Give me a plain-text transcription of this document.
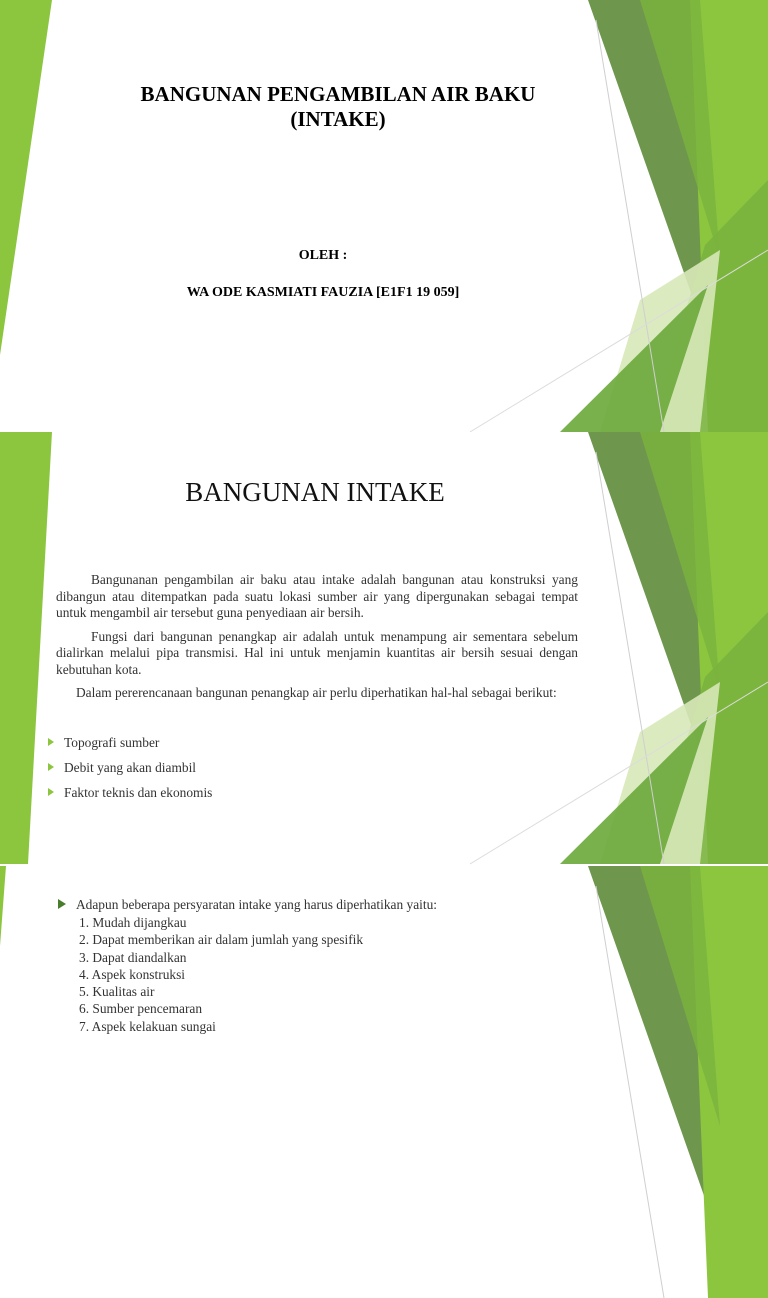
BANGUNAN PENGAMBILAN AIR BAKU
(INTAKE)
OLEH :
WA ODE KASMIATI FAUZIA [E1F1 19 059]
BANGUNAN INTAKE

Bangunanan pengambilan air baku atau intake adalah bangunan atau konstruksi yang dibangun atau ditempatkan pada suatu lokasi sumber air yang dipergunakan sebagai tempat untuk mengambil air tersebut guna penyediaan air bersih.

Fungsi dari bangunan penangkap air adalah untuk menampung air sementara sebelum dialirkan melalui pipa transmisi. Hal ini untuk menjamin kuantitas air bersih sesuai dengan kebutuhan kota.

Dalam pererencanaan bangunan penangkap air perlu diperhatikan hal-hal sebagai berikut:

Topografi sumber
Debit yang akan diambil
Faktor teknis dan ekonomis
Adapun beberapa persyaratan intake yang harus diperhatikan yaitu:
1. Mudah dijangkau
2. Dapat memberikan air dalam jumlah yang spesifik
3. Dapat diandalkan
4. Aspek konstruksi
5. Kualitas air
6. Sumber pencemaran
7. Aspek kelakuan sungai
